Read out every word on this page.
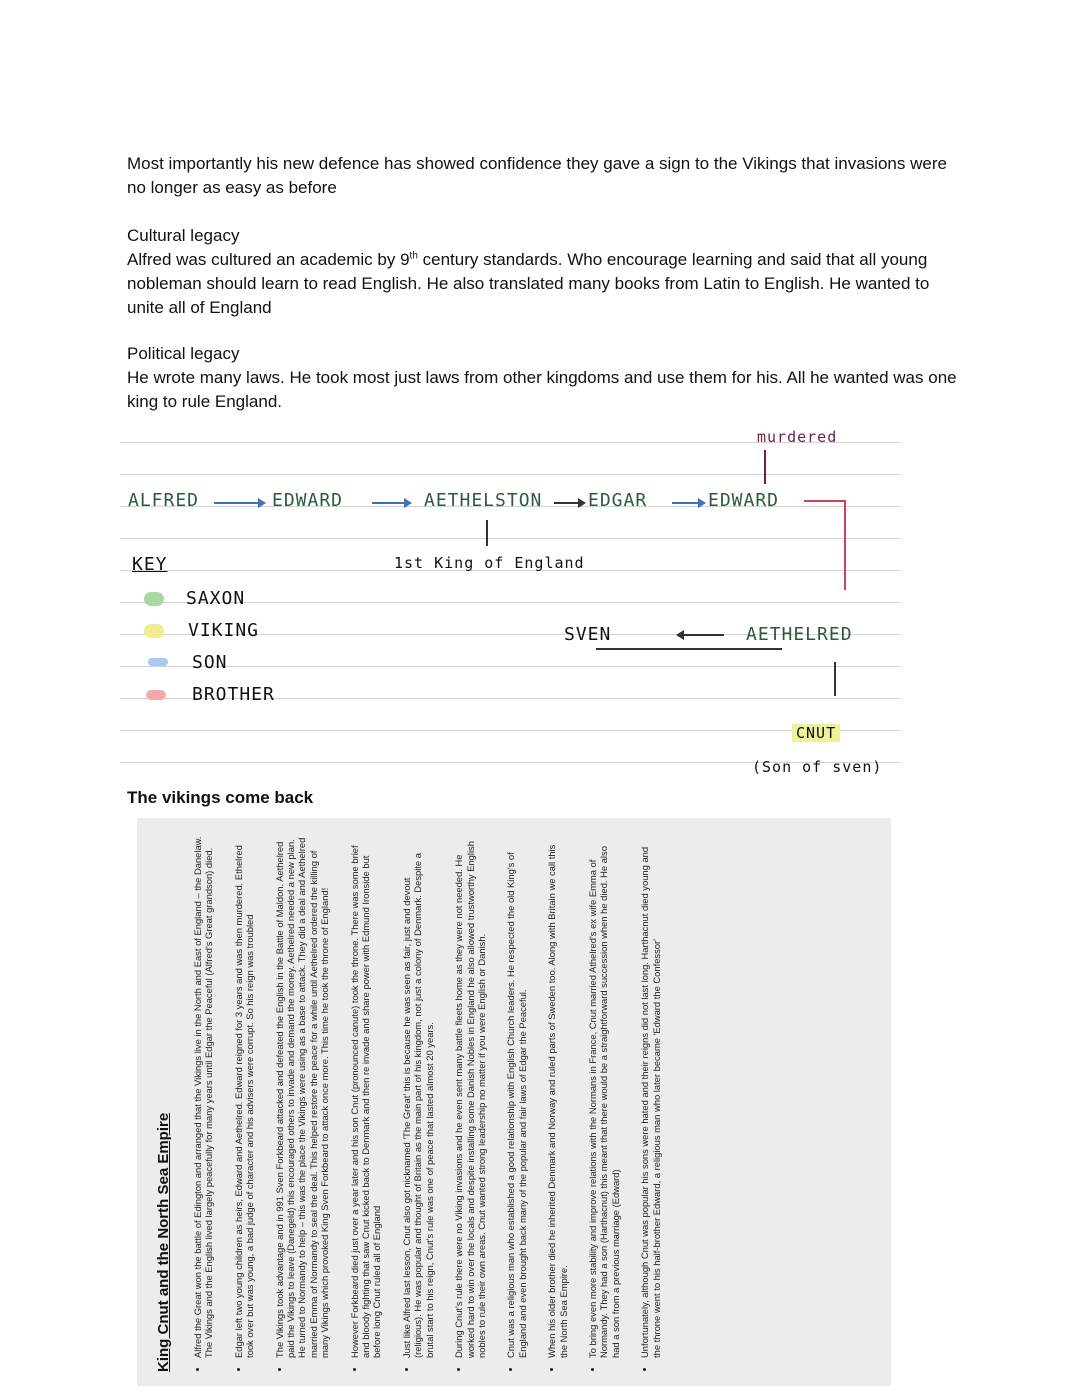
Most importantly his new defence has showed confidence they gave a sign to the Vikings that invasions were no longer as easy as before
Cultural legacy
Alfred was cultured an academic by 9th century standards. Who encourage learning and said that all young nobleman should learn to read English. He also translated many books from Latin to English. He wanted to unite all of England
Political legacy
He wrote many laws. He took most just laws from other kingdoms and use them for his. All he wanted was one king to rule England.
murdered
ALFRED	EDWARD	AETHELSTON	EDGAR	EDWARD
1st King of England
KEY
SAXON
VIKING
SON
BROTHER
SVEN	AETHELRED
CNUT
(Son of sven)
The vikings come back
King Cnut and the North Sea Empire • Alfred the Great won the battle of Edington and arranged that the Vikings live in the North and East of England – the Danelaw. The Vikings and the English lived largely peacefully for many years until Edgar the Peaceful (Alfred's Great grandson) died. • Edgar left two young children as heirs, Edward and Aethelred. Edward reigned for 3 years and was then murdered. Ethelred took over but was young, a bad judge of character and his advisers were corrupt. So his reign was troubled • The Vikings took advantage and in 991 Sven Forkbeard attacked and defeated the English in the Battle of Maldon. Aethelred paid the Vikings to leave (Danegeld) this encouraged others to invade and demand the money. Aethelred needed a new plan. He turned to Normandy to help – this was the place the Vikings were using as a base to attack. They did a deal and Aethelred married Emma of Normandy to seal the deal. This helped restore the peace for a while until Aethelred ordered the killing of many Vikings which provoked King Sven Forkbeard to attack once more. This time he took the throne of England! • However Forkbeard died just over a year later and his son Cnut (pronounced canute) took the throne. There was some brief and bloody fighting that saw Cnut kicked back to Denmark and then re invade and share power with Edmund Ironside but before long Cnut ruled all of England • Just like Alfred last lesson, Cnut also got nicknamed 'The Great' this is because he was seen as fair, just and devout (religious). He was popular and thought of Britain as the main part of his kingdom, not just a colony of Denmark. Despite a brutal start to his reign, Cnut's rule was one of peace that lasted almost 20 years. • During Cnut's rule there were no Viking invasions and he even sent many battle fleets home as they were not needed. He worked hard to win over the locals and despite installing some Danish Nobles in England he also allowed trustworthy English nobles to rule their own areas. Cnut wanted strong leadership no matter if you were English or Danish. • Cnut was a religious man who established a good relationship with English Church leaders. He respected the old King's of England and even brought back many of the popular and fair laws of Edgar the Peaceful. • When his older brother died he inherited Denmark and Norway and ruled parts of Sweden too. Along with Britain we call this the North Sea Empire. • To bring even more stability and improve relations with the Normans in France, Cnut married Athelred's ex wife Emma of Normandy. They had a son (Harthacnut) this meant that there would be a straightforward succession when he died. He also had a son from a previous marriage (Edward) • Unfortunately, although Cnut was popular his sons were hated and their reigns did not last long. Harthacnut died young and the throne went to his half-brother Edward, a religious man who later became 'Edward the Confessor'
